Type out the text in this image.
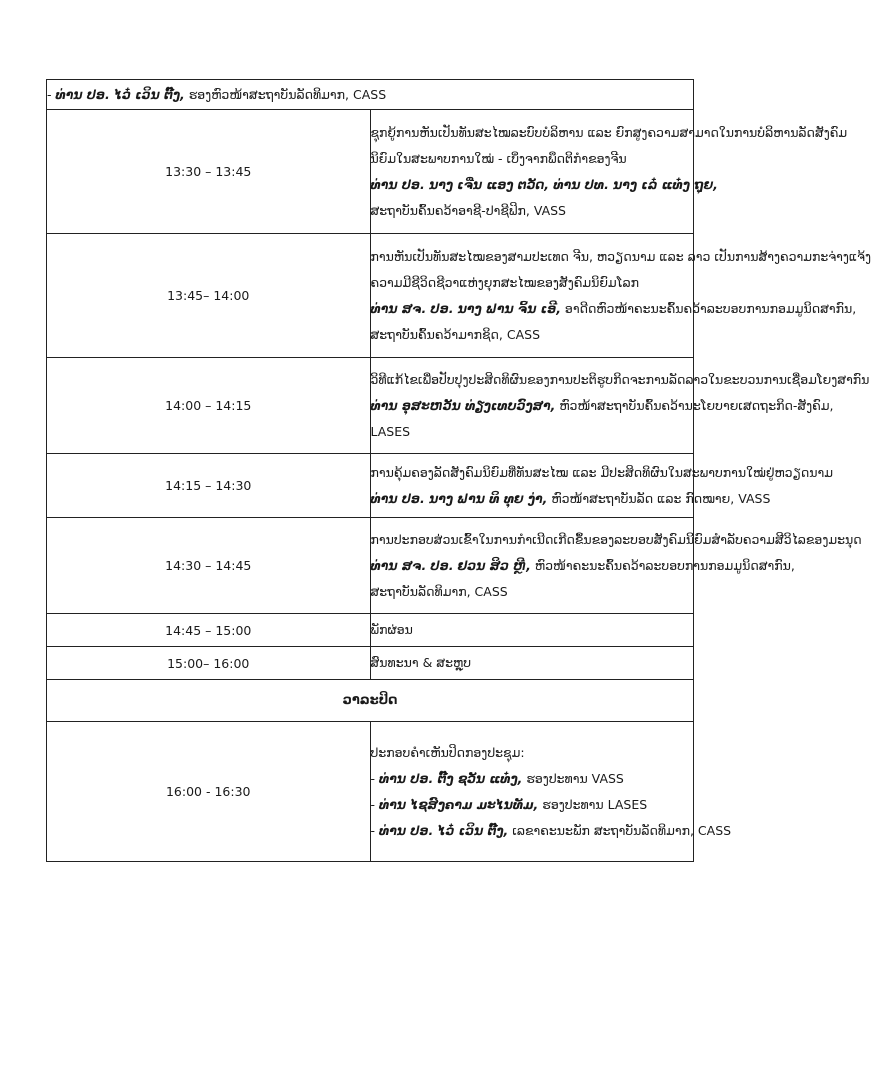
- ທ່ານ ປອ. ໄວ໋ ເວິນ ຕົ໊ງ, ຮອງຫົວໜ້າສະຖາບັນລັດທິມາກ, CASS	

13:30 – 13:45	ຊຸກຍູ້ການຫັນເປັນທັນສະໄໝລະບົບບໍລິຫານ ແລະ ຍົກສູງຄວາມສາມາດໃນການບໍລິຫານລັດສັງຄົມ
ນິຍົມໃນສະພາບການໃໝ່ - ເບິ່ງຈາກພຶດຕິກຳຂອງຈີນ
ທ່ານ ປອ. ນາງ ເຈີ່ນ ແອງ ຕວັດ, ທ່ານ ປທ. ນາງ ເລ໋ ແທ໋ງ ຖຸຍ,
ສະຖາບັນຄົ້ນຄວ້າອາຊີ-ປາຊີຟິກ, VASS

13:45– 14:00	ການຫັນເປັນທັນສະໄໝຂອງສາມປະເທດ ຈີນ, ຫວຽດນາມ ແລະ ລາວ ເປັນການສ້າງຄວາມກະຈ່າງແຈ້ງ
ຄວາມມີຊີວິດຊີວາແຫ່ງຍຸກສະໄໝຂອງສັງຄົມນິຍົມໂລກ
ທ່ານ ສຈ. ປອ. ນາງ ຟານ ຈິ້ນ ເອີ, ອາດີດຫົວໜ້າຄະນະຄົ້ນຄວ້າລະບອບການກອມມູນິດສາກົນ,
ສະຖາບັນຄົ້ນຄວ້າມາກຊິດ, CASS

14:00 – 14:15	ວິທີແກ້ໄຂເພື່ອປັບປຸງປະສິດທິຜົນຂອງການປະຕິຮູບກິດຈະການລັດລາວໃນຂະບວນການເຊື່ອມໂຍງສາກົນ
ທ່ານ ອຸສະຫວັນ ທ່ຽງເທບວົງສາ, ຫົວໜ້າສະຖາບັນຄົ້ນຄວ້ານະໂຍບາຍເສດຖະກິດ-ສັງຄົມ,
LASES

14:15 – 14:30	ການຄຸ້ມຄອງລັດສັງຄົມນິຍົມທີ່ທັນສະໄໝ ແລະ ມີປະສິດທິຜົນໃນສະພາບການໃໝ່ຢູ່ຫວຽດນາມ
ທ່ານ ປອ. ນາງ ຟານ ທິ ທຸຍ ງ່າ, ຫົວໜ້າສະຖາບັນລັດ ແລະ ກົດໝາຍ, VASS

14:30 – 14:45	ການປະກອບສ່ວນເຂົ້າໃນການກຳເນີດເກີດຂຶ້ນຂອງລະບອບສັງຄົມນິຍົມສຳລັບຄວາມສີວິໄລຂອງມະນຸດ
ທ່ານ ສຈ. ປອ. ຢວນ ສິວ ຫຼີ, ຫົວໜ້າຄະນະຄົ້ນຄວ້າລະບອບການກອມມູນິດສາກົນ,
ສະຖາບັນລັດທິມາກ, CASS

14:45 – 15:00	ພັກຜ່ອນ

15:00– 16:00	ສົນທະນາ & ສະຫຼຸບ

ວາລະປິດ	
16:00 - 16:30	ປະກອບຄຳເຫັນປິດກອງປະຊຸມ:
- ທ່ານ ປອ. ຕົ໊ງ ຊວັນ ແທ໋ງ, ຮອງປະທານ VASS
- ທ່ານ ໄຊສົງຄາມ ມະໄນທັມ, ຮອງປະທານ LASES
- ທ່ານ ປອ. ໄວ໋ ເວິນ ຕົ໊ງ, ເລຂາຄະນະພັກ ສະຖາບັນລັດທິມາກ, CASS
